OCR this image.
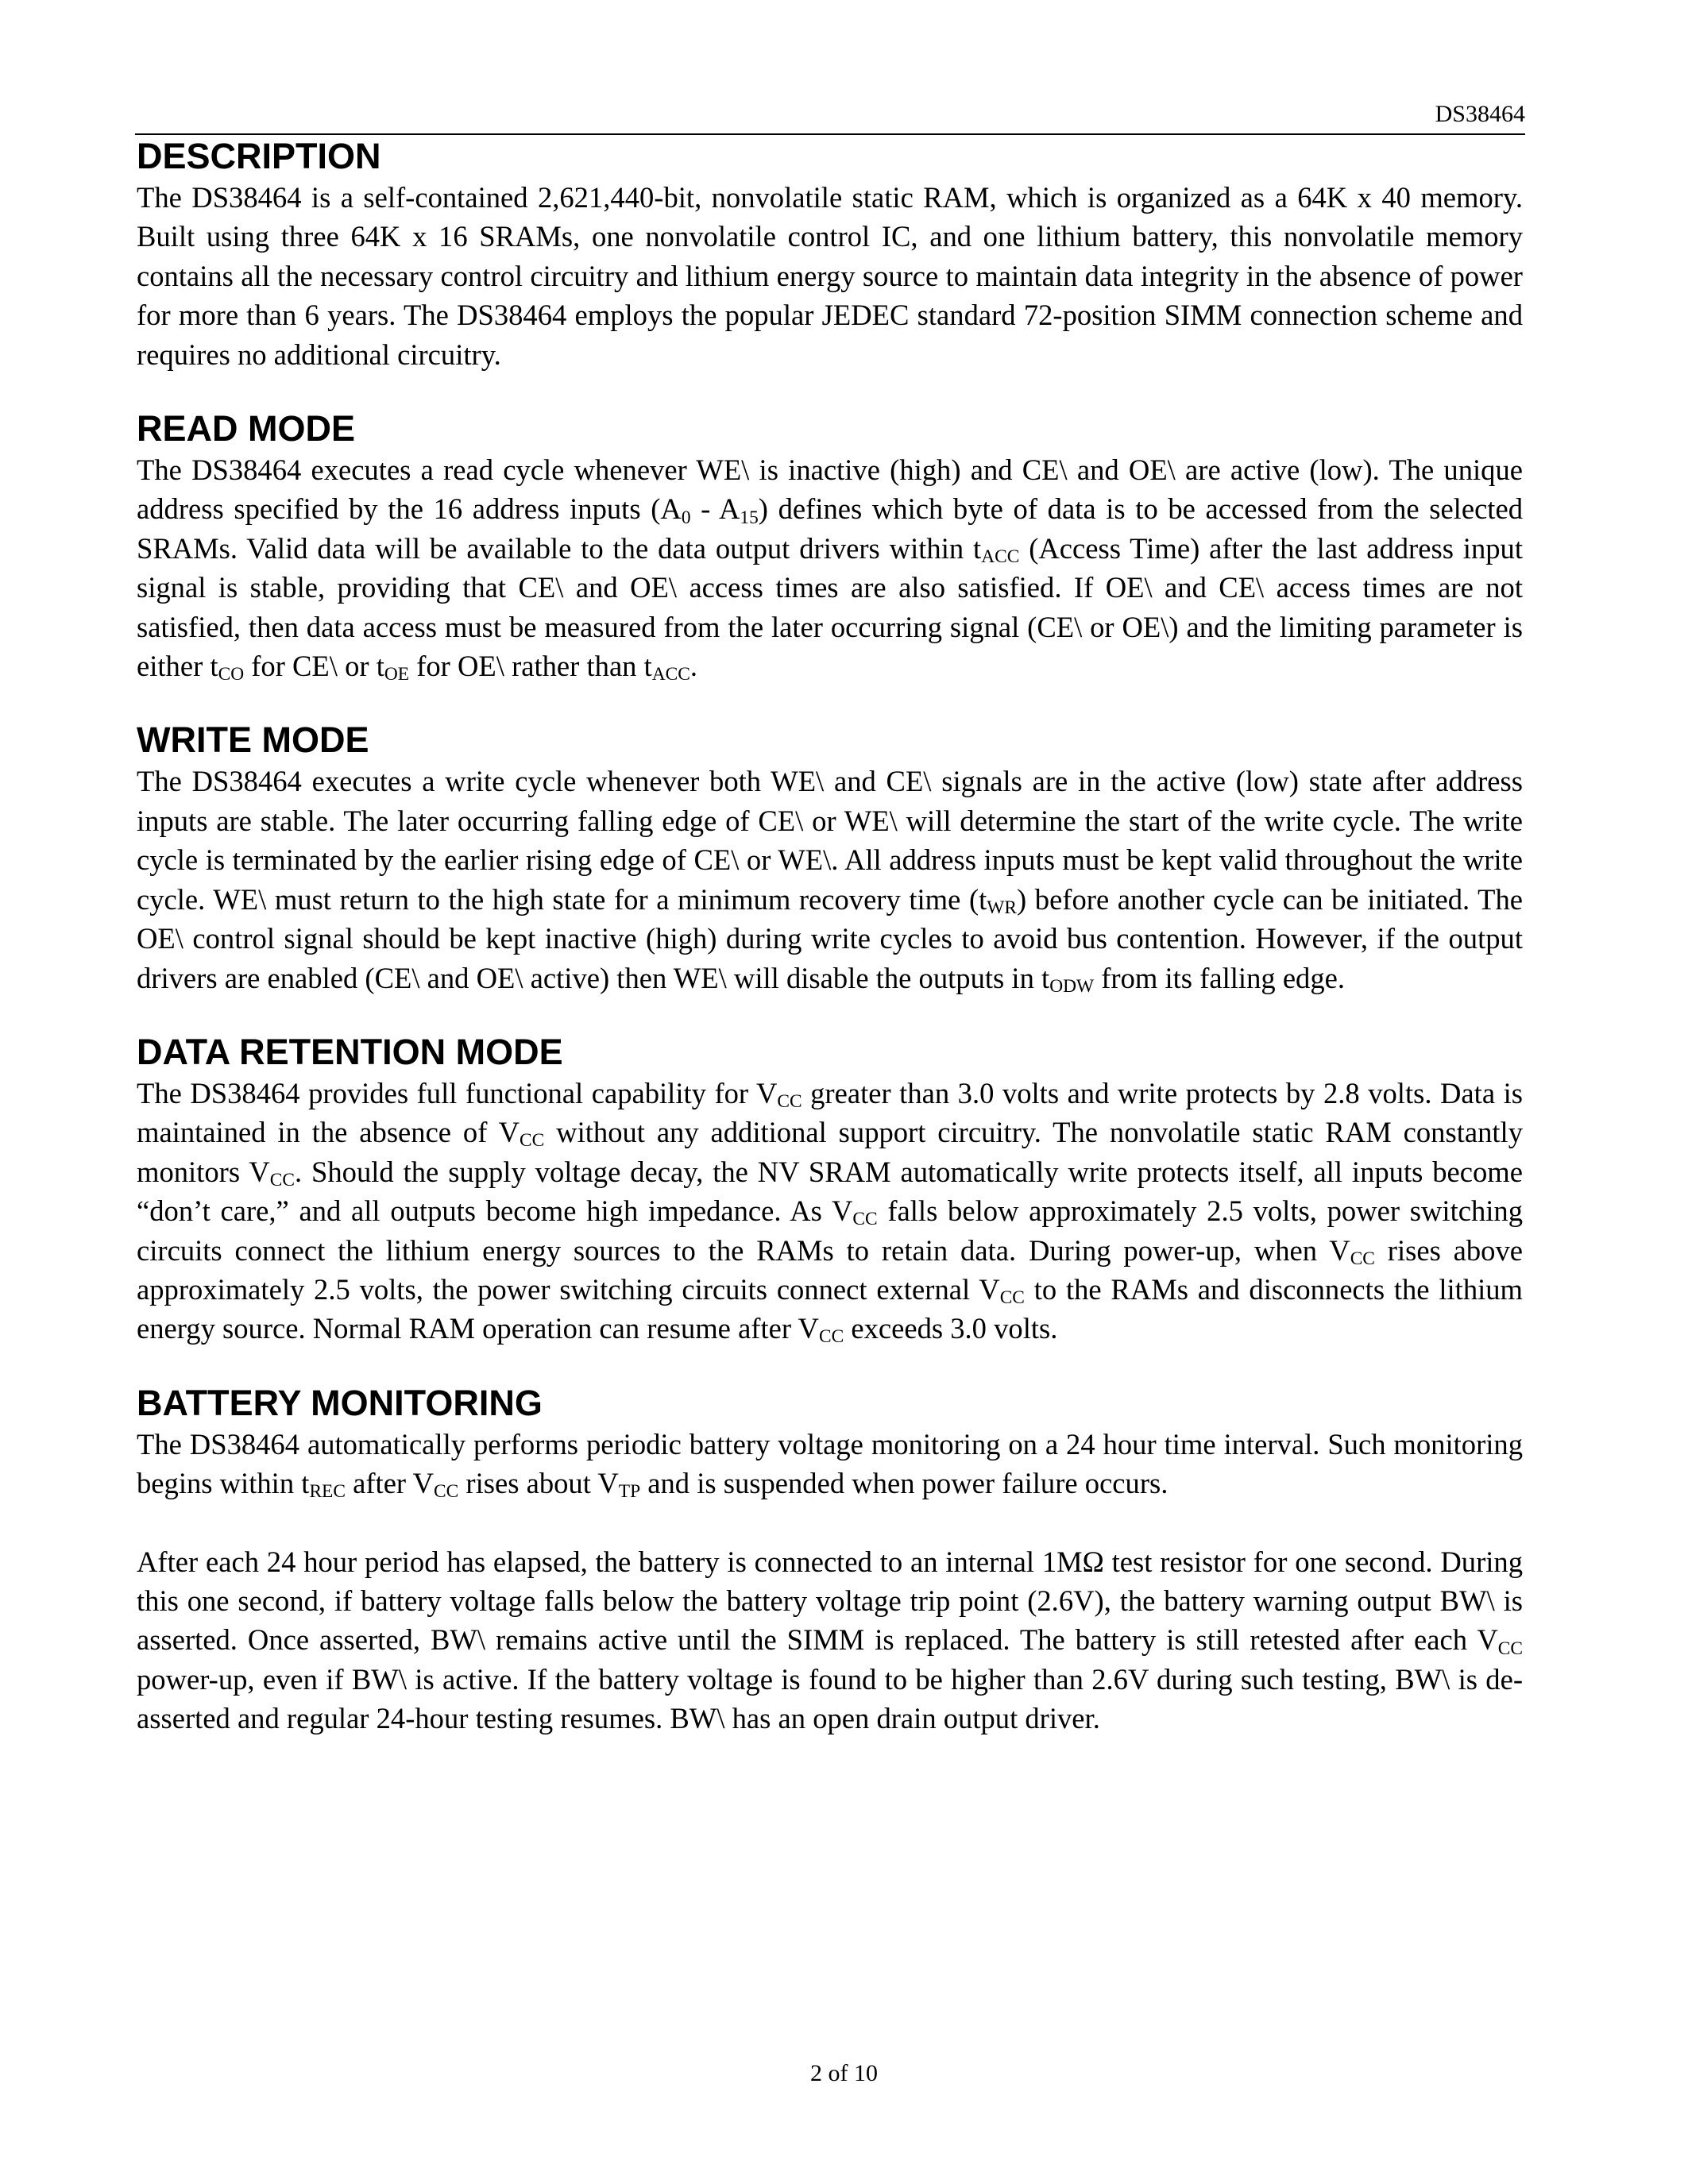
DS38464
DESCRIPTION

The DS38464 is a self-contained 2,621,440-bit, nonvolatile static RAM, which is organized as a 64K x 40 memory. Built using three 64K x 16 SRAMs, one nonvolatile control IC, and one lithium battery, this nonvolatile memory contains all the necessary control circuitry and lithium energy source to maintain data integrity in the absence of power for more than 6 years. The DS38464 employs the popular JEDEC standard 72-position SIMM connection scheme and requires no additional circuitry.

READ MODE

The DS38464 executes a read cycle whenever WE\ is inactive (high) and CE\ and OE\ are active (low). The unique address specified by the 16 address inputs $(A_0 - A_{15})$ defines which byte of data is to be accessed from the selected SRAMs. Valid data will be available to the data output drivers within $t_{ACC}$ (Access Time) after the last address input signal is stable, providing that CE\ and OE\ access times are also satisfied. If OE\ and CE\ access times are not satisfied, then data access must be measured from the later occurring signal (CE\ or OE\) and the limiting parameter is either $t_{CO}$ for CE\ or $t_{OE}$ for OE\ rather than $t_{ACC}$.

WRITE MODE

The DS38464 executes a write cycle whenever both WE\ and CE\ signals are in the active (low) state after address inputs are stable. The later occurring falling edge of CE\ or WE\ will determine the start of the write cycle. The write cycle is terminated by the earlier rising edge of CE\ or WE\. All address inputs must be kept valid throughout the write cycle. WE\ must return to the high state for a minimum recovery time $(t_{WR})$ before another cycle can be initiated. The OE\ control signal should be kept inactive (high) during write cycles to avoid bus contention. However, if the output drivers are enabled (CE\ and OE\ active) then WE\ will disable the outputs in $t_{ODW}$ from its falling edge.

DATA RETENTION MODE

The DS38464 provides full functional capability for $V_{CC}$ greater than 3.0 volts and write protects by 2.8 volts. Data is maintained in the absence of $V_{CC}$ without any additional support circuitry. The nonvolatile static RAM constantly monitors $V_{CC}$. Should the supply voltage decay, the NV SRAM automatically write protects itself, all inputs become “don’t care,” and all outputs become high impedance. As $V_{CC}$ falls below approximately 2.5 volts, power switching circuits connect the lithium energy sources to the RAMs to retain data. During power-up, when $V_{CC}$ rises above approximately 2.5 volts, the power switching circuits connect external $V_{CC}$ to the RAMs and disconnects the lithium energy source. Normal RAM operation can resume after $V_{CC}$ exceeds 3.0 volts.

BATTERY MONITORING

The DS38464 automatically performs periodic battery voltage monitoring on a 24 hour time interval. Such monitoring begins within $t_{REC}$ after $V_{CC}$ rises about $V_{TP}$ and is suspended when power failure occurs.

After each 24 hour period has elapsed, the battery is connected to an internal 1MΩ test resistor for one second. During this one second, if battery voltage falls below the battery voltage trip point (2.6V), the battery warning output BW\ is asserted. Once asserted, BW\ remains active until the SIMM is replaced. The battery is still retested after each $V_{CC}$ power-up, even if BW\ is active. If the battery voltage is found to be higher than 2.6V during such testing, BW\ is de-asserted and regular 24-hour testing resumes. BW\ has an open drain output driver.

2 of 10
